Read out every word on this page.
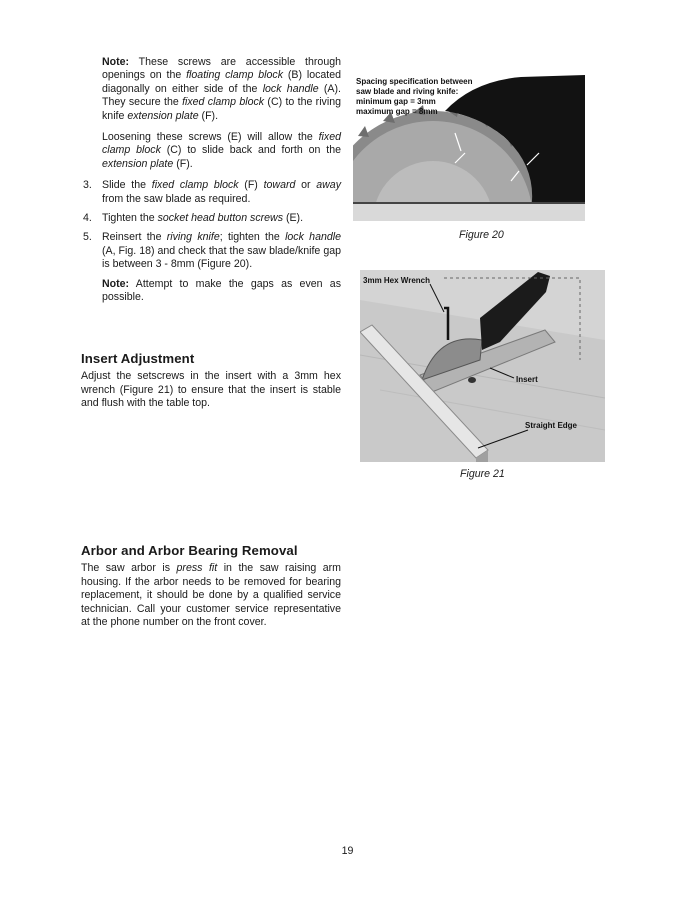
Note: These screws are accessible through openings on the floating clamp block (B) located diagonally on either side of the lock handle (A). They secure the fixed clamp block (C) to the riving knife extension plate (F).

Loosening these screws (E) will allow the fixed clamp block (C) to slide back and forth on the extension plate (F).

3. Slide the fixed clamp block (F) toward or away from the saw blade as required.

4. Tighten the socket head button screws (E).

5. Reinsert the riving knife; tighten the lock handle (A, Fig. 18) and check that the saw blade/knife gap is between 3 - 8mm (Figure 20).

Note: Attempt to make the gaps as even as possible.

Insert Adjustment

Adjust the setscrews in the insert with a 3mm hex wrench (Figure 21) to ensure that the insert is stable and flush with the table top.

Arbor and Arbor Bearing Removal

The saw arbor is press fit in the saw raising arm housing. If the arbor needs to be removed for bearing replacement, it should be done by a qualified service technician. Call your customer service representative at the phone number on the front cover.

Spacing specification between
saw blade and riving knife:
minimum gap = 3mm
maximum gap = 8mm
Figure 20
3mm Hex Wrench
Insert
Straight Edge
Figure 21
19
